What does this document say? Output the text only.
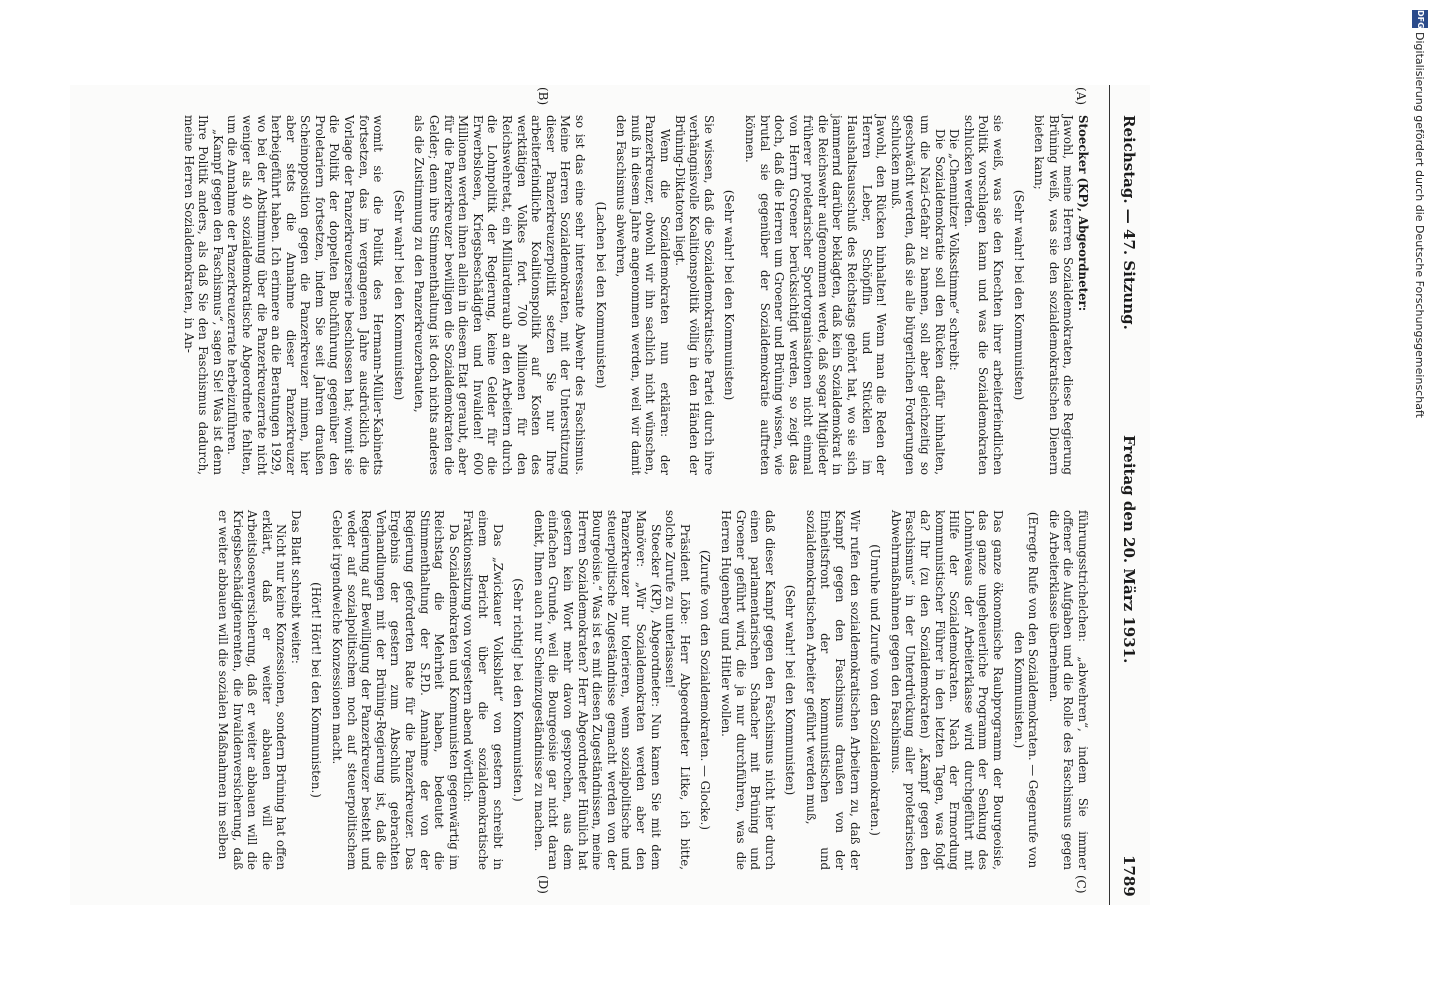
Reichstag. — 47. Sitzung.
Freitag den 20. März 1931.
1789
(A)
(B)
(C)
(D)

Stoecker (KP), Abgeordneter:

Jawohl, meine Herren Sozialdemokraten, diese Regierung Brüning weiß, was sie den sozialdemokratischen Dienern bieten kann;

(Sehr wahr! bei den Kommunisten)

sie weiß, was sie den Knechten ihrer arbeiterfeindlichen Politik vorschlagen kann und was die Sozialdemokraten schlucken werden.

Die „Chemnitzer Volksstimme“ schreibt:

Die Sozialdemokratie soll den Rücken dafür hinhalten, um die Nazi-Gefahr zu bannen, soll aber gleichzeitig so geschwächt werden, daß sie alle bürgerlichen Forderungen schlucken muß.

Jawohl, den Rücken hinhalten! Wenn man die Reden der Herren Leber, Schöpflin und Stücklen im Haushaltsausschuß des Reichstags gehört hat, wo sie sich jammernd darüber beklagten, daß kein Sozialdemokrat in die Reichswehr aufgenommen werde, daß sogar Mitglieder früherer proletarischer Sportorganisationen nicht einmal von Herrn Groener berücksichtigt werden, so zeigt das doch, daß die Herren um Groener und Brüning wissen, wie brutal sie gegenüber der Sozialdemokratie auftreten können.

(Sehr wahr! bei den Kommunisten)

Sie wissen, daß die Sozialdemokratische Partei durch ihre verhängnisvolle Koalitionspolitik völlig in den Händen der Brüning-Diktatoren liegt.

Wenn die Sozialdemokraten nun erklären: der Panzerkreuzer, obwohl wir ihn sachlich nicht wünschen, muß in diesem Jahre angenommen werden, weil wir damit den Faschismus abwehren,

(Lachen bei den Kommunisten)

so ist das eine sehr interessante Abwehr des Faschismus. Meine Herren Sozialdemokraten, mit der Unterstützung dieser Panzerkreuzerpolitik setzen Sie nur Ihre arbeiterfeindliche Koalitionspolitik auf Kosten des werktätigen Volkes fort. 700 Millionen für den Reichswehretat, ein Milliardenraub an den Arbeitern durch die Lohnpolitik der Regierung, keine Gelder für die Erwerbslosen, Kriegsbeschädigten und Invaliden! 600 Millionen werden ihnen allein in diesem Etat geraubt, aber für die Panzerkreuzer bewilligen die Sozialdemokraten die Gelder; denn ihre Stimmenthaltung ist doch nichts anderes als die Zustimmung zu den Panzerkreuzerbauten,

(Sehr wahr! bei den Kommunisten)

womit sie die Politik des Hermann-Müller-Kabinetts fortsetzen, das im vergangenen Jahre ausdrücklich die Vorlage der Panzerkreuzerserie beschlossen hat; womit sie die Politik der doppelten Buchführung gegenüber den Proletariern fortsetzen, indem Sie seit Jahren draußen Scheinopposition gegen die Panzerkreuzer mimen, hier aber stets die Annahme dieser Panzerkreuzer herbeigeführt haben. Ich erinnere an die Beratungen 1929, wo bei der Abstimmung über die Panzerkreuzerrate nicht weniger als 40 sozialdemokratische Abgeordnete fehlten, um die Annahme der Panzerkreuzerrate herbeizuführen.

„Kampf gegen den Faschismus“, sagen Sie! Was ist denn Ihre Politik anders, als daß Sie den Faschismus dadurch, meine Herren Sozialdemokraten, in An-

führungsstrichelchen: „abwehren“, indem Sie immer offener die Aufgaben und die Rolle des Faschismus gegen die Arbeiterklasse übernehmen.

(Erregte Rufe von den Sozialdemokraten. — Gegenrufe von den Kommunisten.)

Das ganze ökonomische Raubprogramm der Bourgeoisie, das ganze ungeheuerliche Programm der Senkung des Lohnniveaus der Arbeiterklasse wird durchgeführt mit Hilfe der Sozialdemokraten. Nach der Ermordung kommunistischer Führer in den letzten Tagen, was folgt da? Ihr (zu den Sozialdemokraten) „Kampf gegen den Faschismus“ in der Unterdrückung aller proletarischen Abwehrmaßnahmen gegen den Faschismus.

(Unruhe und Zurufe von den Sozialdemokraten.)

Wir rufen den sozialdemokratischen Arbeitern zu, daß der Kampf gegen den Faschismus draußen von der Einheitsfront der kommunistischen und sozialdemokratischen Arbeiter geführt werden muß,

(Sehr wahr! bei den Kommunisten)

daß dieser Kampf gegen den Faschismus nicht hier durch einen parlamentarischen Schacher mit Brüning und Groener geführt wird, die ja nur durchführen, was die Herren Hugenberg und Hitler wollen.

(Zurufe von den Sozialdemokraten. — Glocke.)

Präsident Löbe: Herr Abgeordneter Litke, ich bitte, solche Zurufe zu unterlassen!

Stoecker (KP), Abgeordneter: Nun kamen Sie mit dem Manöver: „Wir Sozialdemokraten werden aber den Panzerkreuzer nur tolerieren, wenn sozialpolitische und steuerpolitische Zugeständnisse gemacht werden von der Bourgeoisie.“ Was ist es mit diesen Zugeständnissen, meine Herren Sozialdemokraten? Herr Abgeordneter Hünlich hat gestern kein Wort mehr davon gesprochen, aus dem einfachen Grunde, weil die Bourgeoisie gar nicht daran denkt, Ihnen auch nur Scheinzugeständnisse zu machen.

(Sehr richtig! bei den Kommunisten.)

Das „Zwickauer Volksblatt“ von gestern schreibt in einem Bericht über die sozialdemokratische Fraktionssitzung von vorgestern abend wörtlich:

Da Sozialdemokraten und Kommunisten gegenwärtig im Reichstag die Mehrheit haben, bedeutet die Stimmenthaltung der S.P.D. Annahme der von der Regierung geforderten Rate für die Panzerkreuzer. Das Ergebnis der gestern zum Abschluß gebrachten Verhandlungen mit der Brüning-Regierung ist, daß die Regierung auf Bewilligung der Panzerkreuzer besteht und weder auf sozialpolitischem noch auf steuerpolitischem Gebiet irgendwelche Konzessionen macht.

(Hört! Hört! bei den Kommunisten.)

Das Blatt schreibt weiter:

Nicht nur keine Konzessionen, sondern Brüning hat offen erklärt, daß er weiter abbauen will die Arbeitslosenversicherung, daß er weiter abbauen will die Kriegsbeschädigtenrenten, die Invalidenversicherung, daß er weiter abbauen will die sozialen Maßnahmen im selben

DFG
Digitalisierung gefördert durch die Deutsche Forschungsgemeinschaft
